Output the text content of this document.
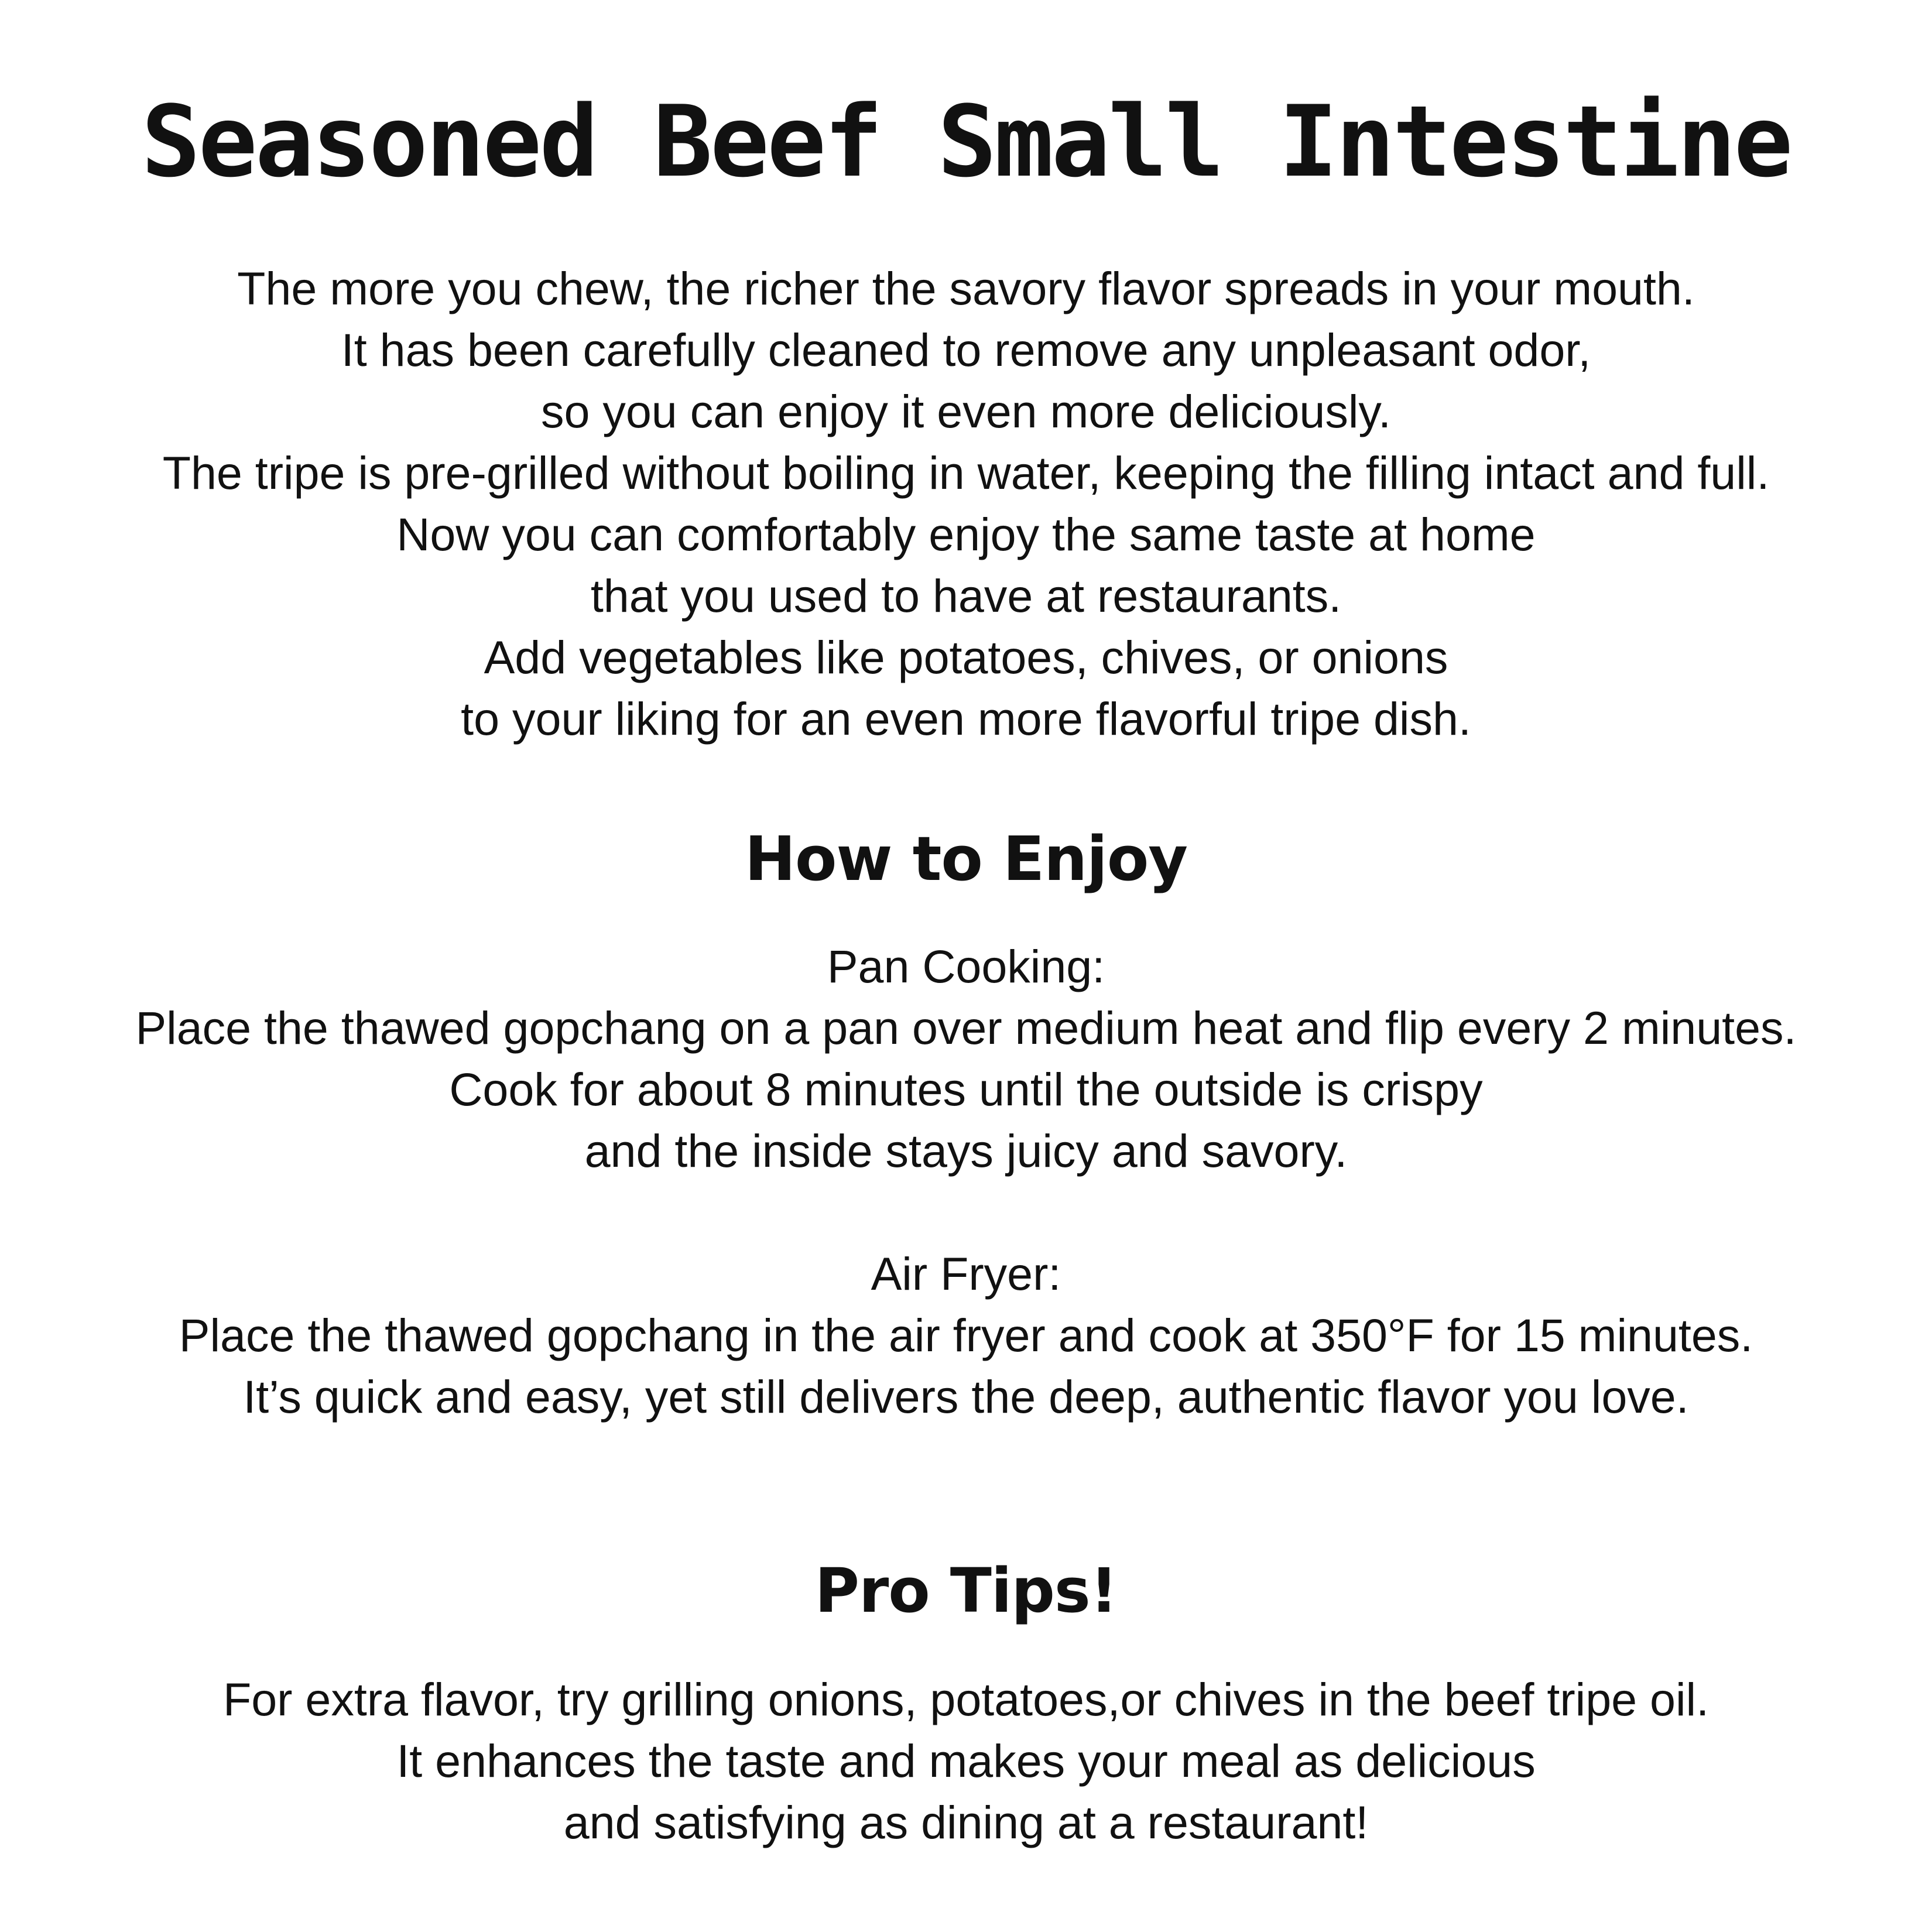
Seasoned Beef Small Intestine
The more you chew, the richer the savory flavor spreads in your mouth.
It has been carefully cleaned to remove any unpleasant odor,
so you can enjoy it even more deliciously.
The tripe is pre-grilled without boiling in water, keeping the filling intact and full.
Now you can comfortably enjoy the same taste at home
that you used to have at restaurants.
Add vegetables like potatoes, chives, or onions
to your liking for an even more flavorful tripe dish.
How to Enjoy
Pan Cooking:
Place the thawed gopchang on a pan over medium heat and flip every 2 minutes.
Cook for about 8 minutes until the outside is crispy
and the inside stays juicy and savory.
Air Fryer:
Place the thawed gopchang in the air fryer and cook at 350°F for 15 minutes.
It’s quick and easy, yet still delivers the deep, authentic flavor you love.
Pro Tips!
For extra flavor, try grilling onions, potatoes,or chives in the beef tripe oil.
It enhances the taste and makes your meal as delicious
and satisfying as dining at a restaurant!
